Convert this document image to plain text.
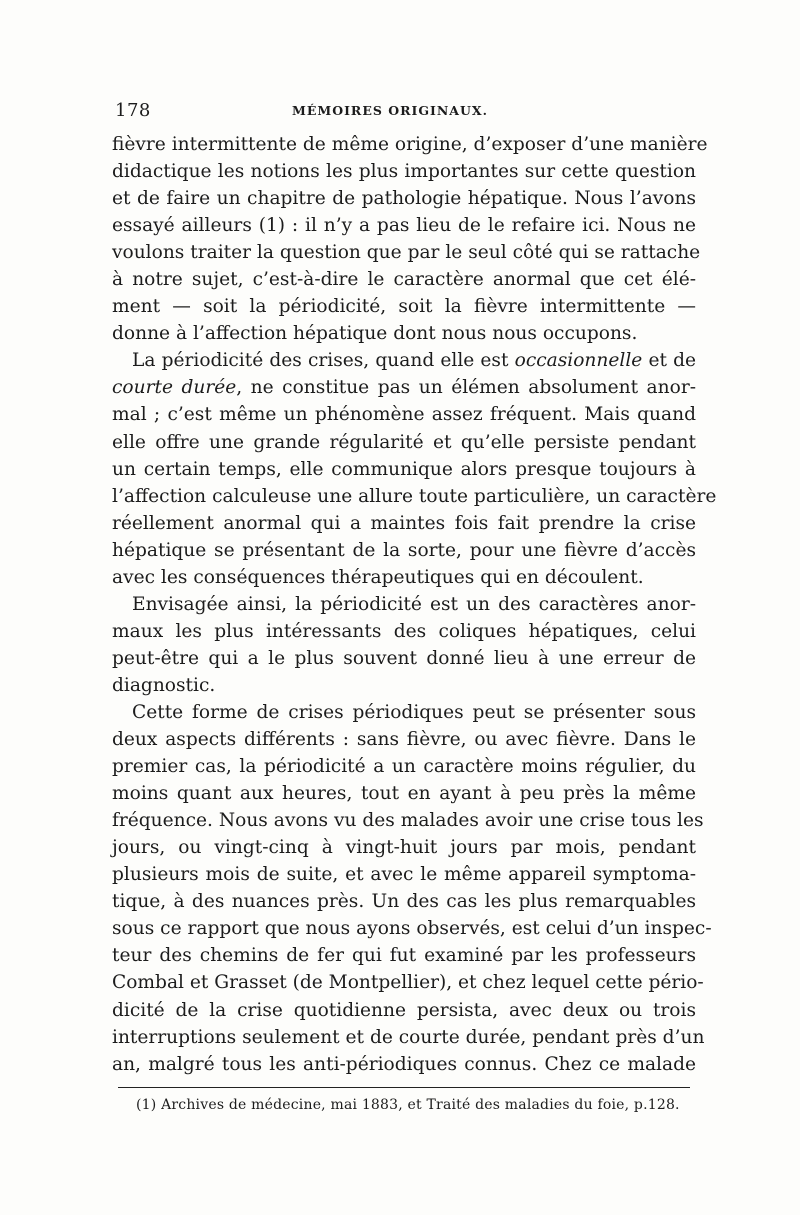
178	MÉMOIRES ORIGINAUX.
fièvre intermittente de même origine, d’exposer d’une manière
didactique les notions les plus importantes sur cette question
et de faire un chapitre de pathologie hépatique. Nous l’avons
essayé ailleurs (1) : il n’y a pas lieu de le refaire ici. Nous ne
voulons traiter la question que par le seul côté qui se rattache
à notre sujet, c’est-à-dire le caractère anormal que cet élé-
ment — soit la périodicité, soit la fièvre intermittente —
donne à l’affection hépatique dont nous nous occupons.
La périodicité des crises, quand elle est occasionnelle et de
courte durée, ne constitue pas un élémen absolument anor-
mal ; c’est même un phénomène assez fréquent. Mais quand
elle offre une grande régularité et qu’elle persiste pendant
un certain temps, elle communique alors presque toujours à
l’affection calculeuse une allure toute particulière, un caractère
réellement anormal qui a maintes fois fait prendre la crise
hépatique se présentant de la sorte, pour une fièvre d’accès
avec les conséquences thérapeutiques qui en découlent.
Envisagée ainsi, la périodicité est un des caractères anor-
maux les plus intéressants des coliques hépatiques, celui
peut-être qui a le plus souvent donné lieu à une erreur de
diagnostic.
Cette forme de crises périodiques peut se présenter sous
deux aspects différents : sans fièvre, ou avec fièvre. Dans le
premier cas, la périodicité a un caractère moins régulier, du
moins quant aux heures, tout en ayant à peu près la même
fréquence. Nous avons vu des malades avoir une crise tous les
jours, ou vingt-cinq à vingt-huit jours par mois, pendant
plusieurs mois de suite, et avec le même appareil symptoma-
tique, à des nuances près. Un des cas les plus remarquables
sous ce rapport que nous ayons observés, est celui d’un inspec-
teur des chemins de fer qui fut examiné par les professeurs
Combal et Grasset (de Montpellier), et chez lequel cette pério-
dicité de la crise quotidienne persista, avec deux ou trois
interruptions seulement et de courte durée, pendant près d’un
an, malgré tous les anti-périodiques connus. Chez ce malade
(1) Archives de médecine, mai 1883, et Traité des maladies du foie, p.128.
